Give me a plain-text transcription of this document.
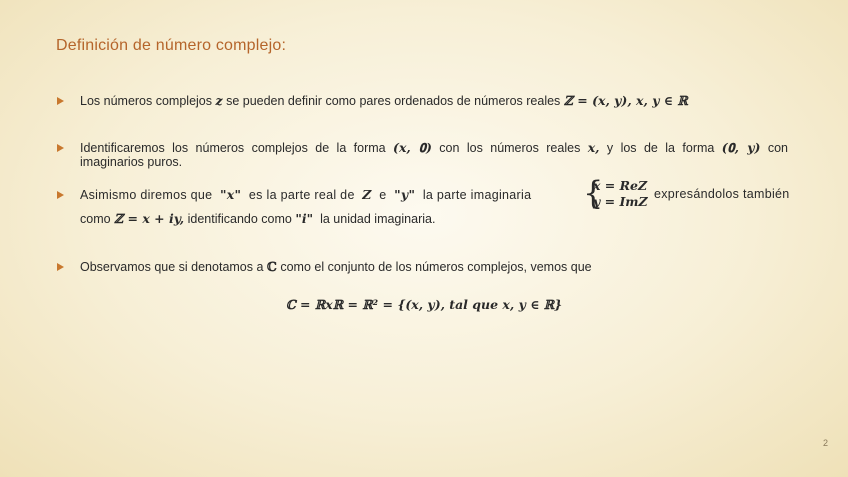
Definición de número complejo:
Los números complejos z se pueden definir como pares ordenados de números reales ℤ = (x, y), x, y ∈ ℝ
Identificaremos los números complejos de la forma (x, 𝟎) con los números reales x, y los de la forma (𝟎, y) con
imaginarios puros.
Asimismo diremos que  "x"  es la parte real de  Z  e  "y"  la parte imaginaria {
x = ReZ
y = ImZ expresándolos también
como ℤ = x + iy, identificando como "i"  la unidad imaginaria.
Observamos que si denotamos a ℂ como el conjunto de los números complejos, vemos que
ℂ = ℝxℝ = ℝ² = {(x, y), tal que x, y ∈ ℝ}
2
